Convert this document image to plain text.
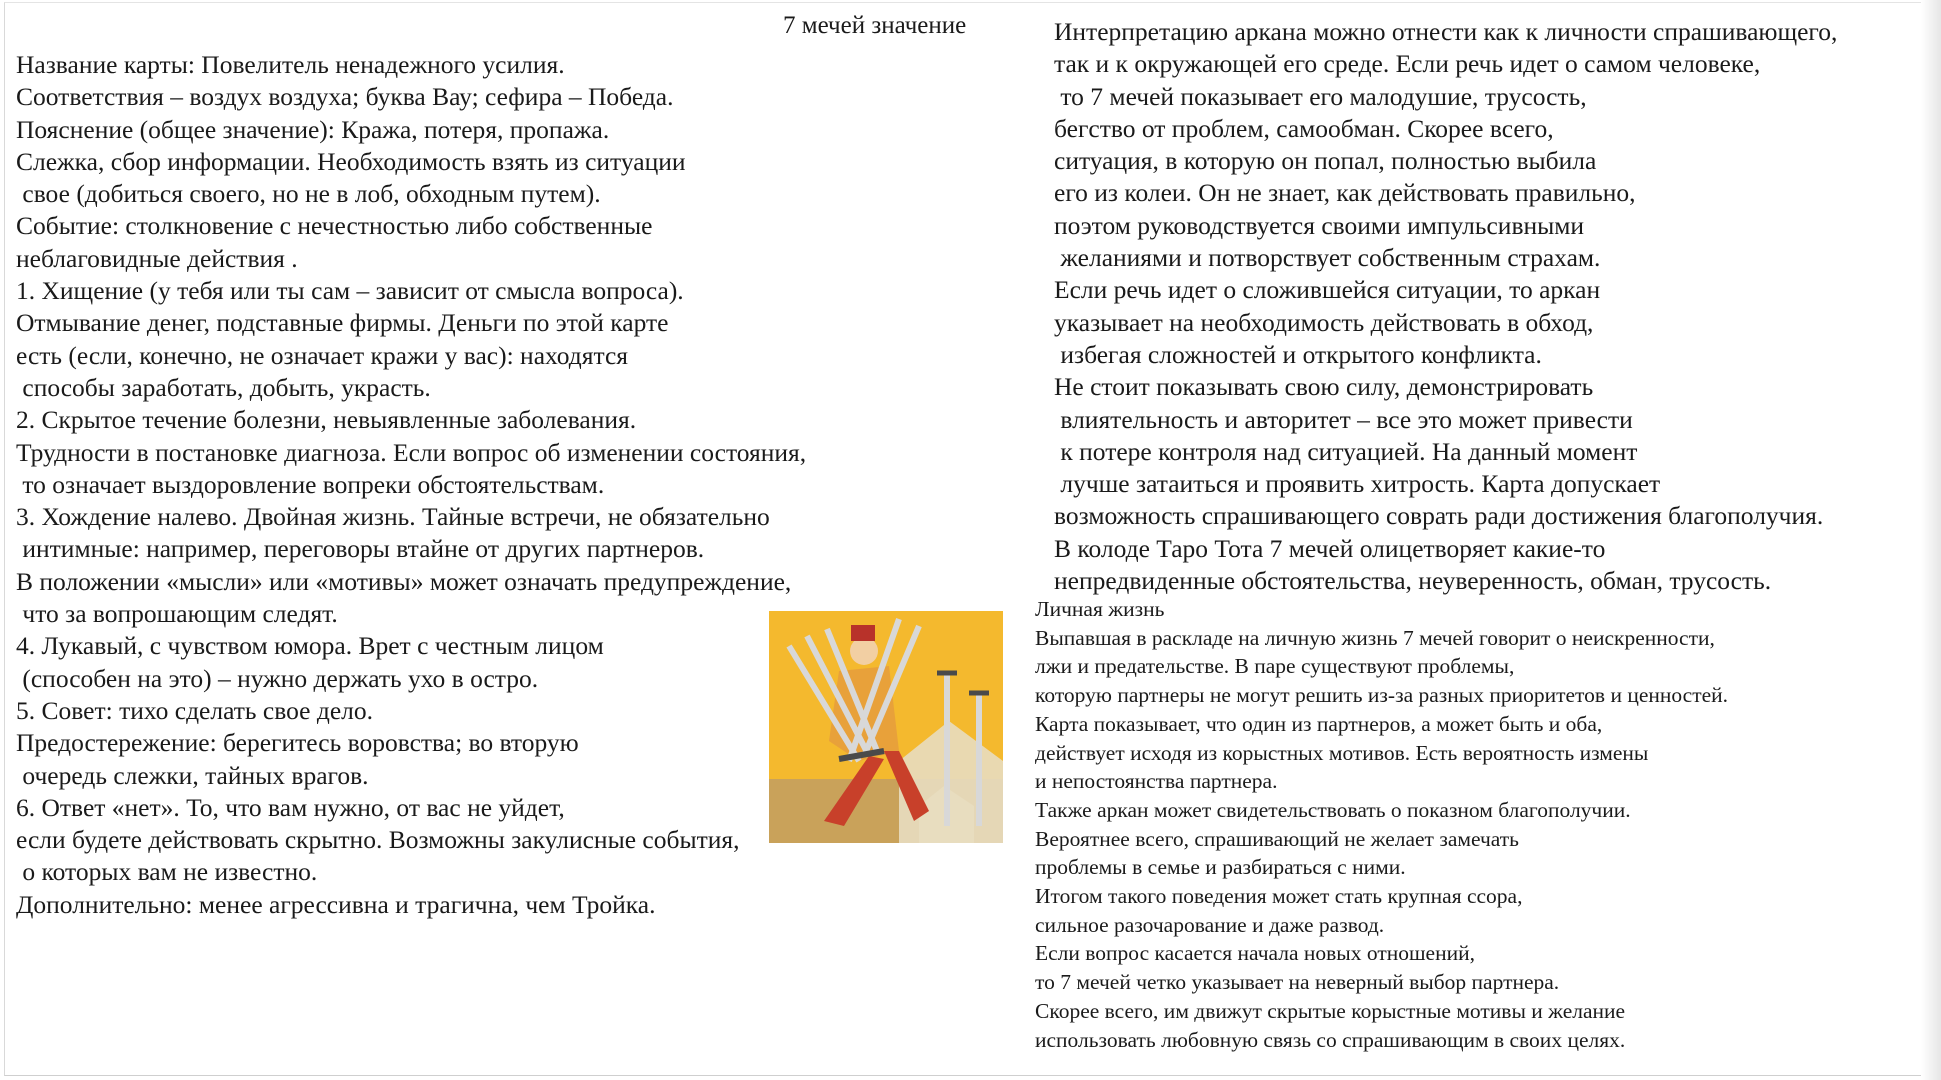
7 мечей значение
Название карты: Повелитель ненадежного усилия.
Соответствия – воздух воздуха; буква Вау; сефира – Победа.
Пояснение (общее значение): Кража, потеря, пропажа.
Слежка, сбор информации. Необходимость взять из ситуации
свое (добиться своего, но не в лоб, обходным путем).
Событие: столкновение с нечестностью либо собственные
неблаговидные действия .
1. Хищение (у тебя или ты сам – зависит от смысла вопроса).
Отмывание денег, подставные фирмы. Деньги по этой карте
есть (если, конечно, не означает кражи у вас): находятся
способы заработать, добыть, украсть.
2. Скрытое течение болезни, невыявленные заболевания.
Трудности в постановке диагноза. Если вопрос об изменении состояния,
то означает выздоровление вопреки обстоятельствам.
3. Хождение налево. Двойная жизнь. Тайные встречи, не обязательно
интимные: например, переговоры втайне от других партнеров.
В положении «мысли» или «мотивы» может означать предупреждение,
что за вопрошающим следят.
4. Лукавый, с чувством юмора. Врет с честным лицом
(способен на это) – нужно держать ухо в остро.
5. Совет: тихо сделать свое дело.
Предостережение: берегитесь воровства; во вторую
очередь слежки, тайных врагов.
6. Ответ «нет». То, что вам нужно, от вас не уйдет,
если будете действовать скрытно. Возможны закулисные события,
о которых вам не известно.
Дополнительно: менее агрессивна и трагична, чем Тройка.
Интерпретацию аркана можно отнести как к личности спрашивающего,
так и к окружающей его среде. Если речь идет о самом человеке,
то 7 мечей показывает его малодушие, трусость,
бегство от проблем, самообман. Скорее всего,
ситуация, в которую он попал, полностью выбила
его из колеи. Он не знает, как действовать правильно,
поэтом руководствуется своими импульсивными
желаниями и потворствует собственным страхам.
Если речь идет о сложившейся ситуации, то аркан
указывает на необходимость действовать в обход,
избегая сложностей и открытого конфликта.
Не стоит показывать свою силу, демонстрировать
влиятельность и авторитет – все это может привести
к потере контроля над ситуацией. На данный момент
лучше затаиться и проявить хитрость. Карта допускает
возможность спрашивающего соврать ради достижения благополучия.
В колоде Таро Тота 7 мечей олицетворяет какие-то
непредвиденные обстоятельства, неуверенность, обман, трусость.
Личная жизнь
Выпавшая в раскладе на личную жизнь 7 мечей говорит о неискренности,
лжи и предательстве. В паре существуют проблемы,
которую партнеры не могут решить из-за разных приоритетов и ценностей.
Карта показывает, что один из партнеров, а может быть и оба,
действует исходя из корыстных мотивов. Есть вероятность измены
и непостоянства партнера.
Также аркан может свидетельствовать о показном благополучии.
Вероятнее всего, спрашивающий не желает замечать
проблемы в семье и разбираться с ними.
Итогом такого поведения может стать крупная ссора,
сильное разочарование и даже развод.
Если вопрос касается начала новых отношений,
то 7 мечей четко указывает на неверный выбор партнера.
Скорее всего, им движут скрытые корыстные мотивы и желание
использовать любовную связь со спрашивающим в своих целях.
